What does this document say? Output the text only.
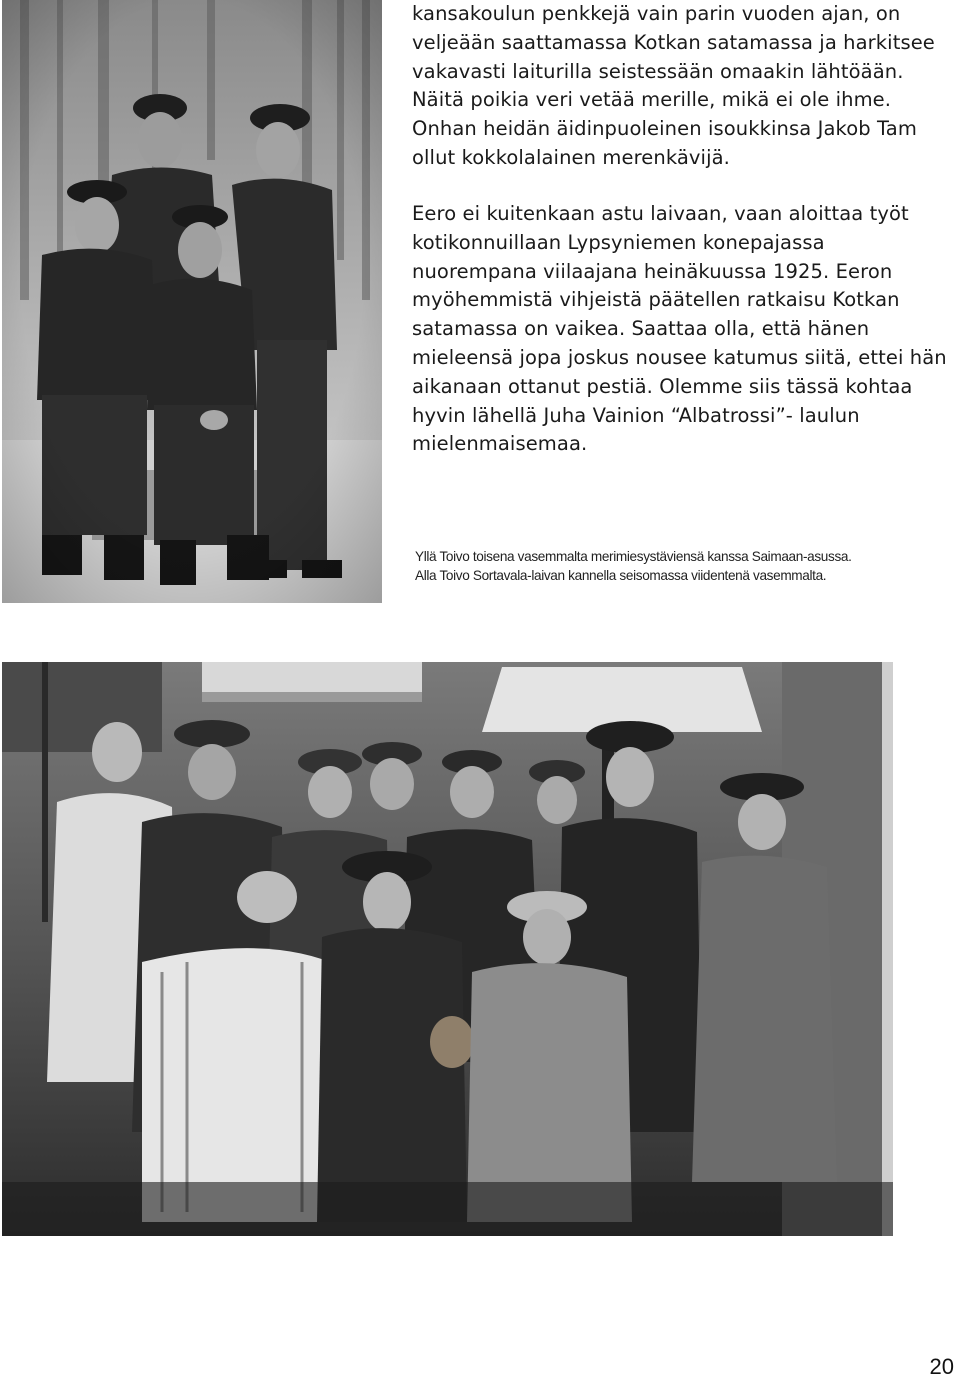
kansakoulun penkkejä vain parin vuoden ajan, on veljeään saattamassa Kotkan satamassa ja harkitsee vakavasti laiturilla seistessään omaakin lähtöään. Näitä poikia veri vetää merille, mikä ei ole ihme. Onhan heidän äidinpuoleinen isoukkinsa Jakob Tam ollut kokkolalainen merenkävijä.

Eero ei kuitenkaan astu laivaan, vaan aloittaa työt kotikonnuillaan Lypsyniemen konepajassa nuorempana viilaajana heinäkuussa 1925. Eeron myöhemmistä vihjeistä päätellen ratkaisu Kotkan satamassa on vaikea. Saattaa olla, että hänen mieleensä jopa joskus nousee katumus siitä, ettei hän aikanaan ottanut pestiä. Olemme siis tässä kohtaa hyvin lähellä Juha Vainion “Albatrossi”- laulun mielenmaisemaa.

Yllä Toivo toisena vasemmalta merimiesystäviensä kanssa Saimaan-asussa.
Alla Toivo Sortavala-laivan kannella seisomassa viidentenä vasemmalta.
20
